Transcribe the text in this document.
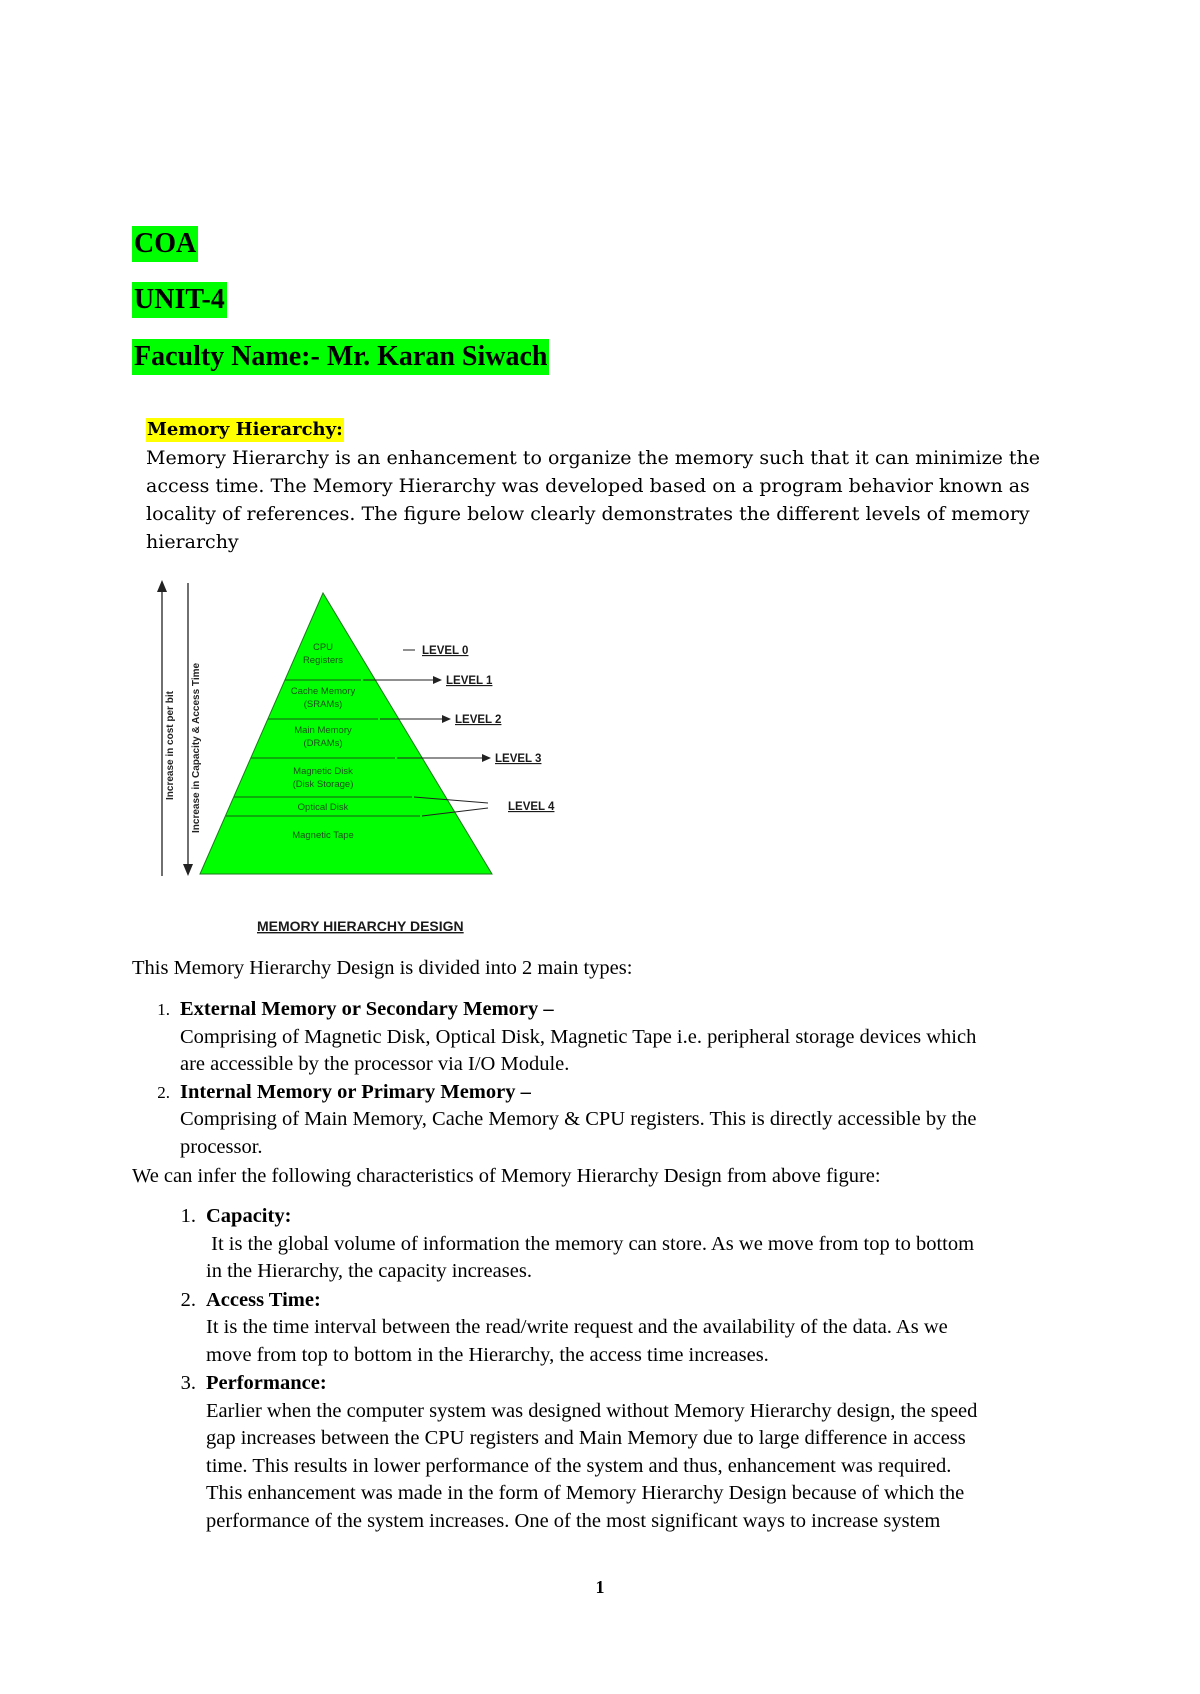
COA
UNIT-4
Faculty Name:- Mr. Karan Siwach
Memory Hierarchy:
Memory Hierarchy is an enhancement to organize the memory such that it can minimize the
access time. The Memory Hierarchy was developed based on a program behavior known as
locality of references. The figure below clearly demonstrates the different levels of memory
hierarchy
Increase in cost per bit Increase in Capacity & Access Time
CPU
Registers
Cache Memory
(SRAMs)
Main Memory
(DRAMs)
Magnetic Disk
(Disk Storage)
Optical Disk
Magnetic Tape
LEVEL 0
LEVEL 1
LEVEL 2
LEVEL 3
LEVEL 4
MEMORY HIERARCHY DESIGN
This Memory Hierarchy Design is divided into 2 main types:
1. External Memory or Secondary Memory –
Comprising of Magnetic Disk, Optical Disk, Magnetic Tape i.e. peripheral storage devices which
are accessible by the processor via I/O Module.
2. Internal Memory or Primary Memory –
Comprising of Main Memory, Cache Memory & CPU registers. This is directly accessible by the
processor.
We can infer the following characteristics of Memory Hierarchy Design from above figure:
1. Capacity:
It is the global volume of information the memory can store. As we move from top to bottom
in the Hierarchy, the capacity increases.
2. Access Time:
It is the time interval between the read/write request and the availability of the data. As we
move from top to bottom in the Hierarchy, the access time increases.
3. Performance:
Earlier when the computer system was designed without Memory Hierarchy design, the speed
gap increases between the CPU registers and Main Memory due to large difference in access
time. This results in lower performance of the system and thus, enhancement was required.
This enhancement was made in the form of Memory Hierarchy Design because of which the
performance of the system increases. One of the most significant ways to increase system
1
